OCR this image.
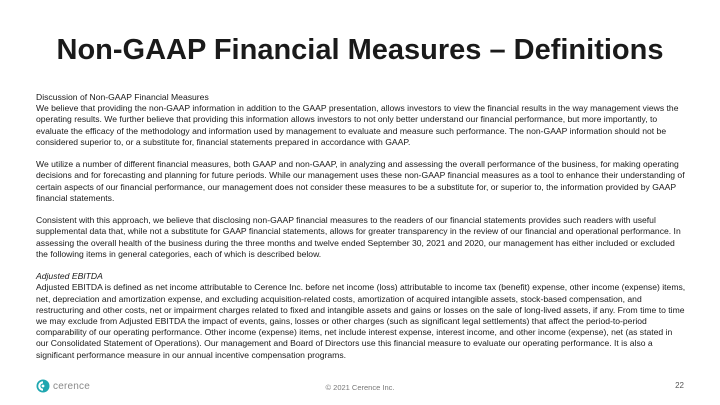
Non-GAAP Financial Measures – Definitions
Discussion of Non-GAAP Financial Measures

We believe that providing the non-GAAP information in addition to the GAAP presentation, allows investors to view the financial results in the way management views the operating results. We further believe that providing this information allows investors to not only better understand our financial performance, but more importantly, to evaluate the efficacy of the methodology and information used by management to evaluate and measure such performance. The non-GAAP information should not be considered superior to, or a substitute for, financial statements prepared in accordance with GAAP.

We utilize a number of different financial measures, both GAAP and non-GAAP, in analyzing and assessing the overall performance of the business, for making operating decisions and for forecasting and planning for future periods. While our management uses these non-GAAP financial measures as a tool to enhance their understanding of certain aspects of our financial performance, our management does not consider these measures to be a substitute for, or superior to, the information provided by GAAP financial statements.

Consistent with this approach, we believe that disclosing non-GAAP financial measures to the readers of our financial statements provides such readers with useful supplemental data that, while not a substitute for GAAP financial statements, allows for greater transparency in the review of our financial and operational performance. In assessing the overall health of the business during the three months and twelve ended September 30, 2021 and 2020, our management has either included or excluded the following items in general categories, each of which is described below.

Adjusted EBITDA

Adjusted EBITDA is defined as net income attributable to Cerence Inc. before net income (loss) attributable to income tax (benefit) expense, other income (expense) items, net, depreciation and amortization expense, and excluding acquisition-related costs, amortization of acquired intangible assets, stock-based compensation, and restructuring and other costs, net or impairment charges related to fixed and intangible assets and gains or losses on the sale of long-lived assets, if any. From time to time we may exclude from Adjusted EBITDA the impact of events, gains, losses or other charges (such as significant legal settlements) that affect the period-to-period comparability of our operating performance. Other income (expense) items, net include interest expense, interest income, and other income (expense), net (as stated in our Consolidated Statement of Operations). Our management and Board of Directors use this financial measure to evaluate our operating performance. It is also a significant performance measure in our annual incentive compensation programs.

cerence	© 2021 Cerence Inc.	22
